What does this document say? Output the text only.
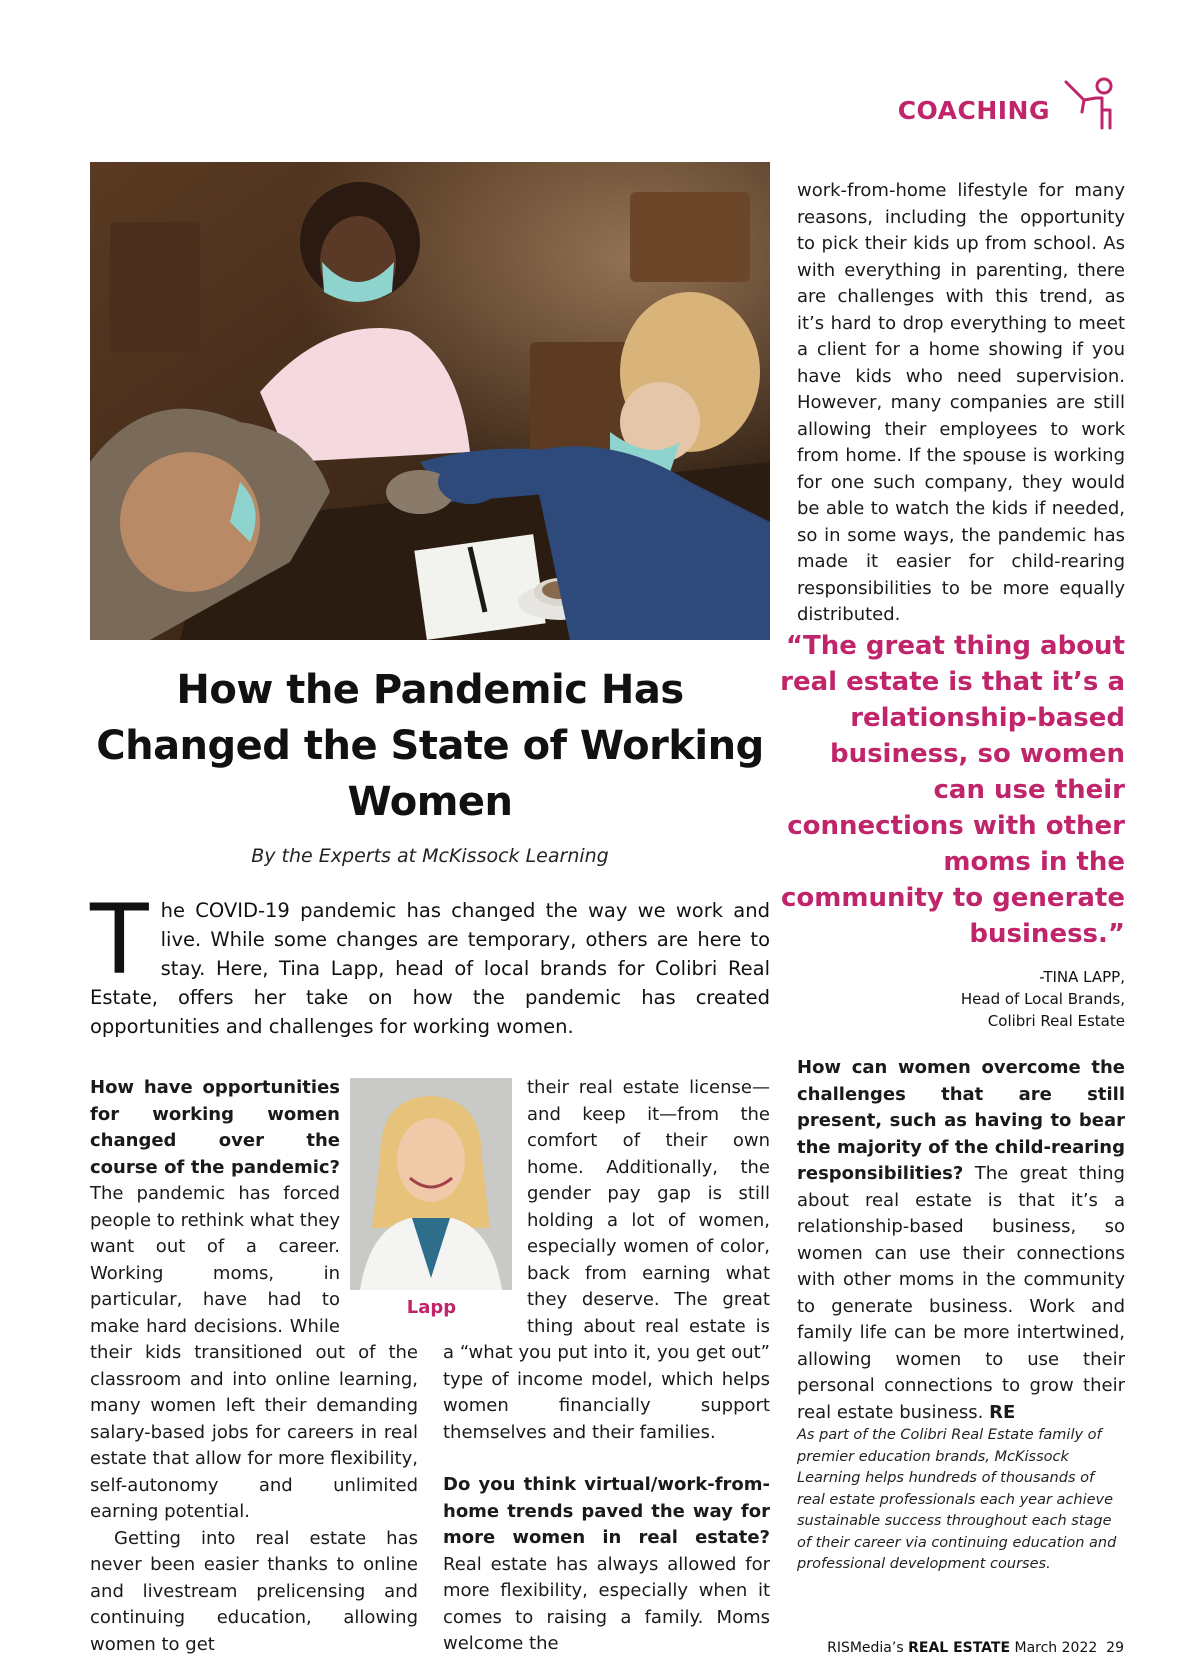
COACHING
How the Pandemic Has Changed the State of Working Women
By the Experts at McKissock Learning
The COVID-19 pandemic has changed the way we work and live. While some changes are temporary, others are here to stay. Here, Tina Lapp, head of local brands for Colibri Real Estate, offers her take on how the pandemic has created opportunities and challenges for working women.

How have opportunities for working women changed over the course of the pandemic? The pandemic has forced people to rethink what they want out of a career. Working moms, in particular, have had to make hard decisions. While their kids transitioned out of the classroom and into online learning, many women left their demanding salary-based jobs for careers in real estate that allow for more flexibility, self-autonomy and unlimited earning potential.

Getting into real estate has never been easier thanks to online and livestream prelicensing and continuing education, allowing women to get

their real estate license—and keep it—from the comfort of their own home. Additionally, the gender pay gap is still holding a lot of women, especially women of color, back from earning what they deserve. The great thing about real estate is a “what you put into it, you get out” type of income model, which helps women financially support themselves and their families.

Do you think virtual/work-from-home trends paved the way for more women in real estate? Real estate has always allowed for more flexibility, especially when it comes to raising a family. Moms welcome the

Lapp
work-from-home lifestyle for many reasons, including the opportunity to pick their kids up from school. As with everything in parenting, there are challenges with this trend, as it’s hard to drop everything to meet a client for a home showing if you have kids who need supervision. However, many companies are still allowing their employees to work from home. If the spouse is working for one such company, they would be able to watch the kids if needed, so in some ways, the pandemic has made it easier for child-rearing responsibilities to be more equally distributed.
“The great thing about real estate is that it’s a relationship-based business, so women can use their connections with other moms in the community to generate business.”
-TINA LAPP,
Head of Local Brands,
Colibri Real Estate

How can women overcome the challenges that are still present, such as having to bear the majority of the child-rearing responsibilities? The great thing about real estate is that it’s a relationship-based business, so women can use their connections with other moms in the community to generate business. Work and family life can be more intertwined, allowing women to use their personal connections to grow their real estate business. RE

As part of the Colibri Real Estate family of premier education brands, McKissock Learning helps hundreds of thousands of real estate professionals each year achieve sustainable success throughout each stage of their career via continuing education and professional development courses.
RISMedia’s REAL ESTATE March 2022 29
